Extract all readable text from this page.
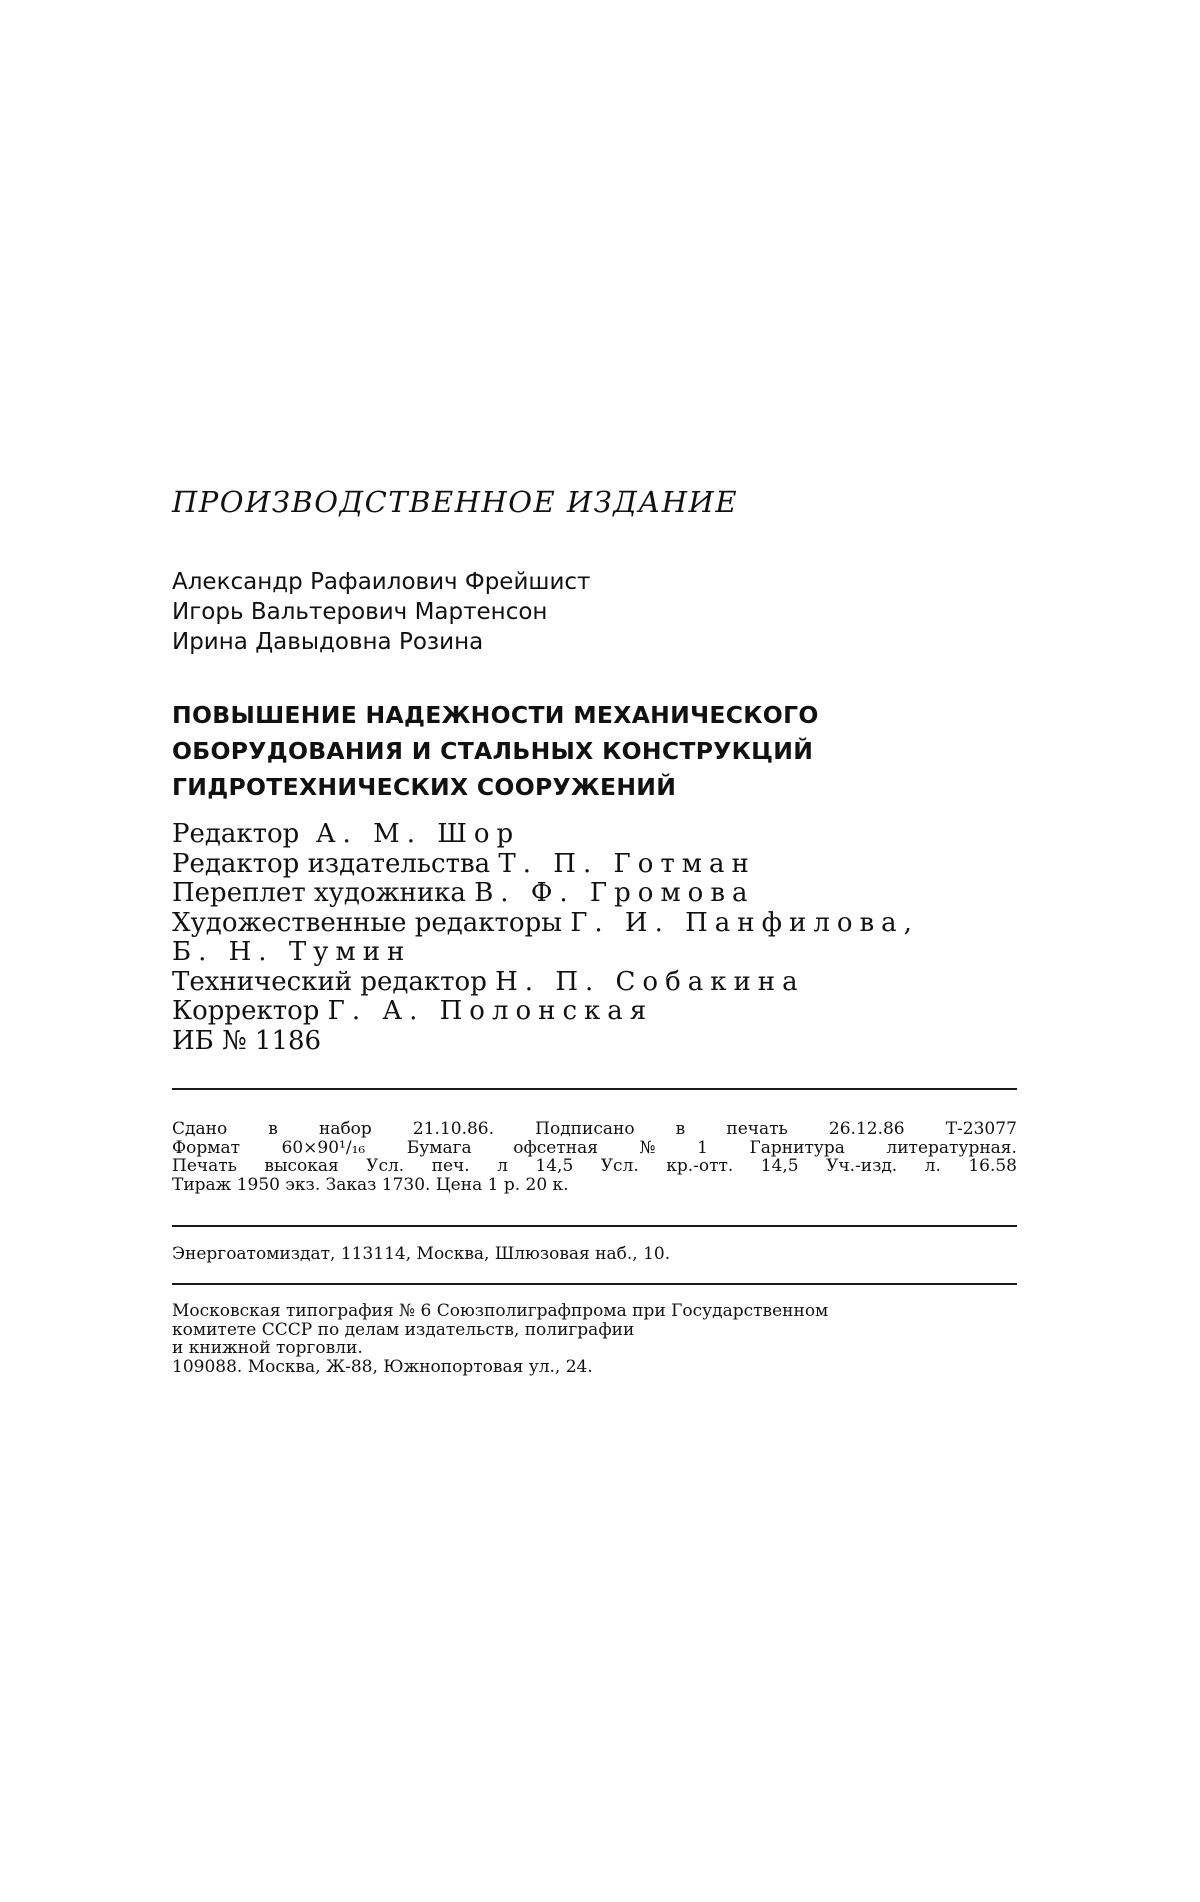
ПРОИЗВОДСТВЕННОЕ ИЗДАНИЕ
Александр Рафаилович Фрейшист
Игорь Вальтерович Мартенсон
Ирина Давыдовна Розина
ПОВЫШЕНИЕ НАДЕЖНОСТИ МЕХАНИЧЕСКОГО
ОБОРУДОВАНИЯ И СТАЛЬНЫХ КОНСТРУКЦИЙ
ГИДРОТЕХНИЧЕСКИХ СООРУЖЕНИЙ
Редактор А. М. Шор
Редактор издательства Т. П. Готман
Переплет художника В. Ф. Громова
Художественные редакторы Г. И. Панфилова,
Б. Н. Тумин
Технический редактор Н. П. Собакина
Корректор Г. А. Полонская
ИБ № 1186
Сдано в набор 21.10.86. Подписано в печать 26.12.86 Т-23077
Формат 60×90¹/₁₆ Бумага офсетная № 1 Гарнитура литературная.
Печать высокая Усл. печ. л 14,5 Усл. кр.-отт. 14,5 Уч.-изд. л. 16.58
Тираж 1950 экз. Заказ 1730. Цена 1 р. 20 к.
Энергоатомиздат, 113114, Москва, Шлюзовая наб., 10.
Московская типография № 6 Союзполиграфпрома при Государственном
комитете СССР по делам издательств, полиграфии
и книжной торговли.
109088. Москва, Ж-88, Южнопортовая ул., 24.
